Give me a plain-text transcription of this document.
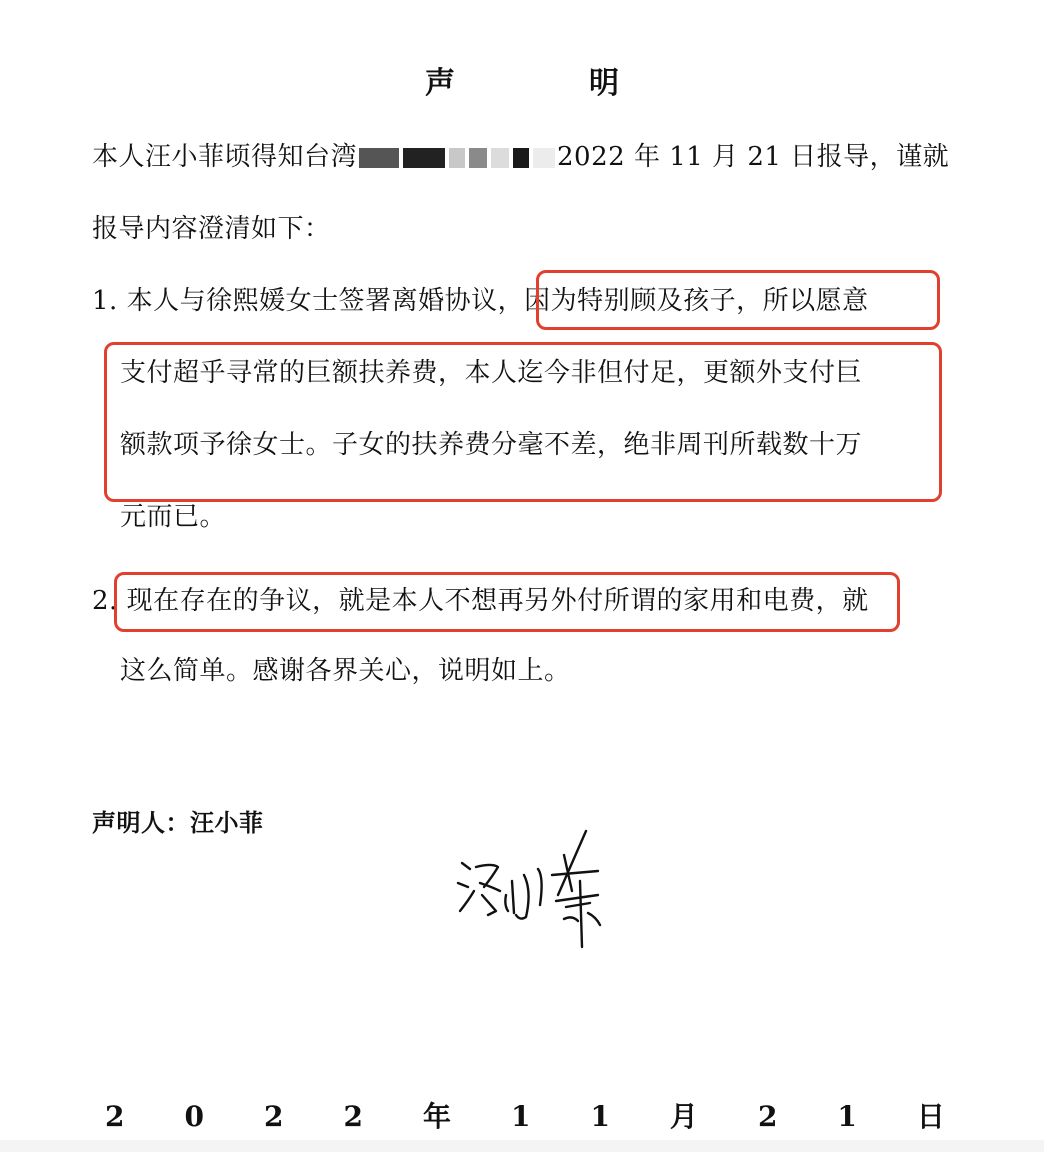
声　明
本人汪小菲顷得知台湾	2022 年 11 月 21 日报导，谨就
报导内容澄清如下：
1. 本人与徐熙媛女士签署离婚协议，因为特别顾及孩子，所以愿意
支付超乎寻常的巨额扶养费，本人迄今非但付足，更额外支付巨
额款项予徐女士。子女的扶养费分毫不差，绝非周刊所载数十万
元而已。
2. 现在存在的争议，就是本人不想再另外付所谓的家用和电费，就
这么简单。感谢各界关心，说明如上。
声明人：汪小菲
2 0 2 2 年 1 1 月 2 1 日
